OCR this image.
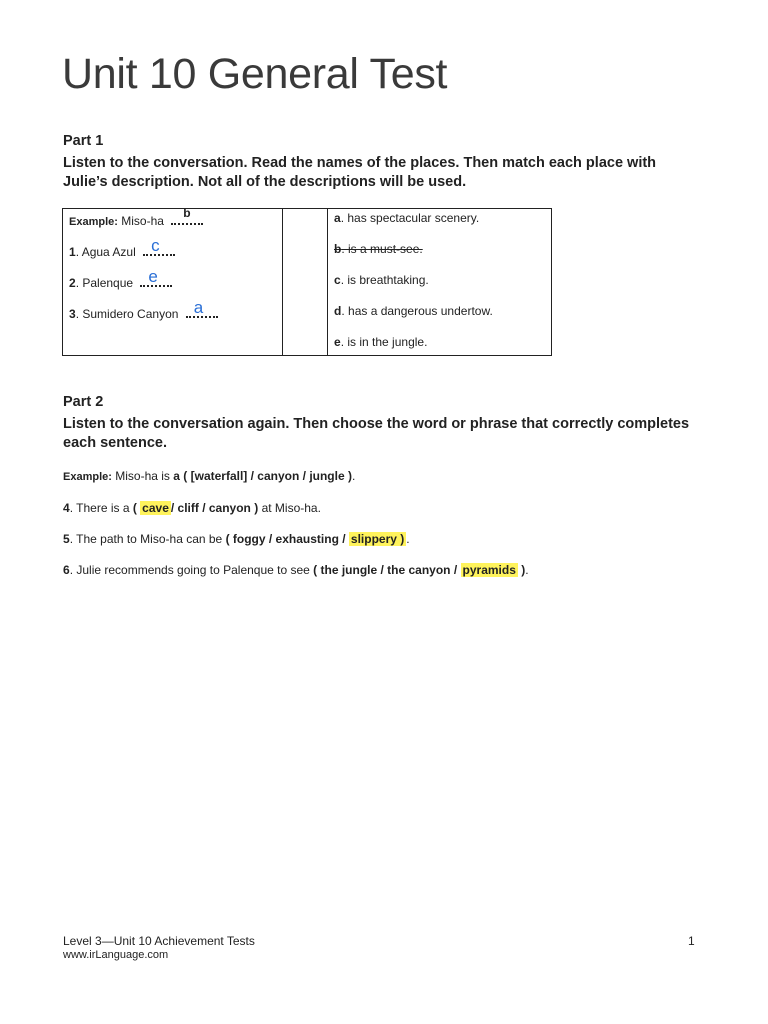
Unit 10 General Test
Part 1
Listen to the conversation. Read the names of the places. Then match each place with Julie’s description. Not all of the descriptions will be used.
Example: Miso-ha
b
1. Agua Azul c
2. Palenque e
3. Sumidero Canyon a
a. has spectacular scenery.
b. is a must-see.
c. is breathtaking.
d. has a dangerous undertow.
e. is in the jungle.
Part 2
Listen to the conversation again. Then choose the word or phrase that correctly completes each sentence.
Example: Miso-ha is a ( [waterfall] / canyon / jungle ).
4. There is a ( cave / cliff / canyon ) at Miso-ha.
5. The path to Miso-ha can be ( foggy / exhausting / slippery ) .
6. Julie recommends going to Palenque to see ( the jungle / the canyon / pyramids ).
Level 3—Unit 10 Achievement Tests
www.irLanguage.com
1
